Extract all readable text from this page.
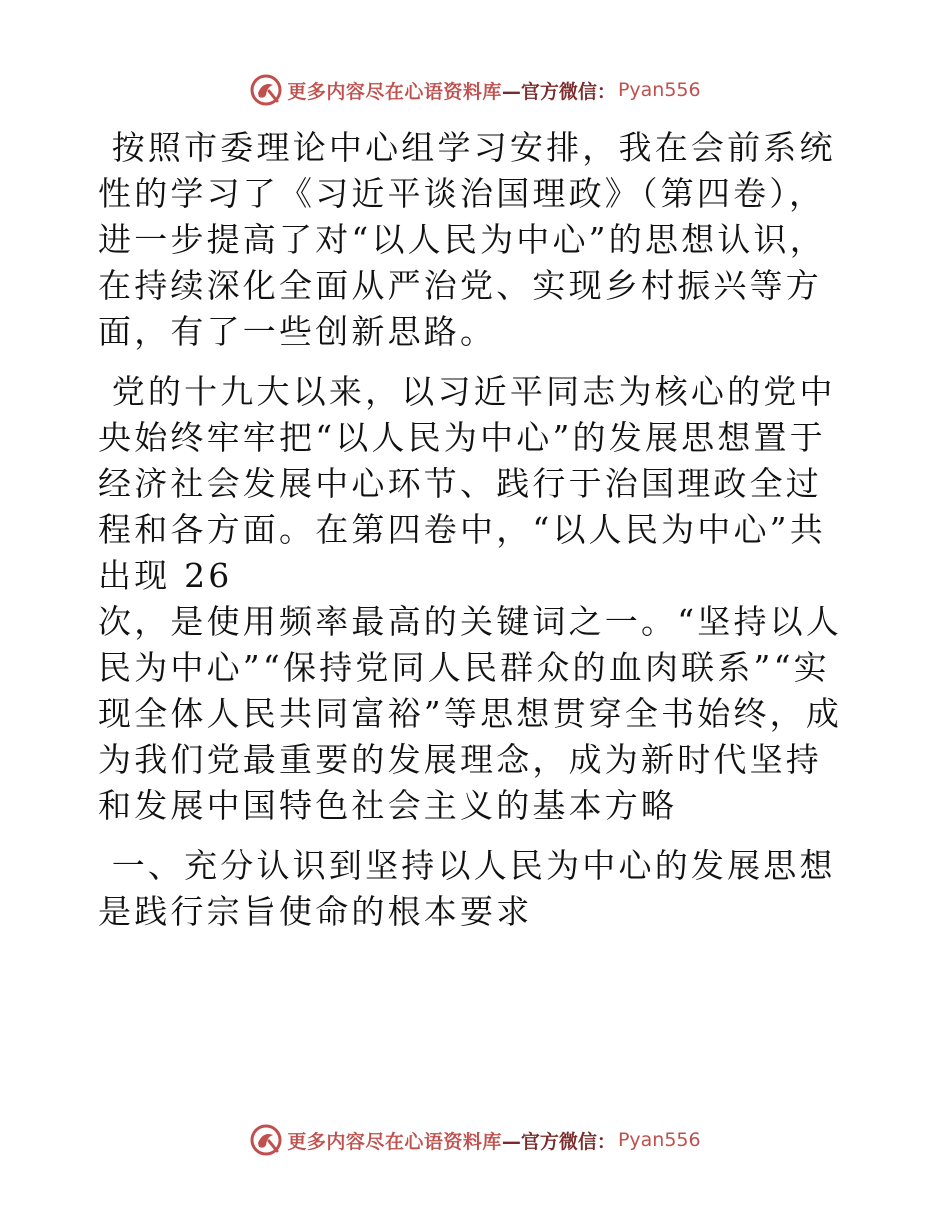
更多内容尽在心语资料库 —官方微信： Pyan556

按照市委理论中心组学习安排，我在会前系统性的学习了《习近平谈治国理政》（第四卷），进一步提高了对“以人民为中心”的思想认识，在持续深化全面从严治党、实现乡村振兴等方面，有了一些创新思路。

党的十九大以来，以习近平同志为核心的党中央始终牢牢把“以人民为中心”的发展思想置于经济社会发展中心环节、践行于治国理政全过程和各方面。在第四卷中，“以人民为中心”共出现 26
次，是使用频率最高的关键词之一。“坚持以人民为中心”“保持党同人民群众的血肉联系”“实现全体人民共同富裕”等思想贯穿全书始终，成为我们党最重要的发展理念，成为新时代坚持和发展中国特色社会主义的基本方略

一、充分认识到坚持以人民为中心的发展思想是践行宗旨使命的根本要求

更多内容尽在心语资料库 —官方微信： Pyan556
